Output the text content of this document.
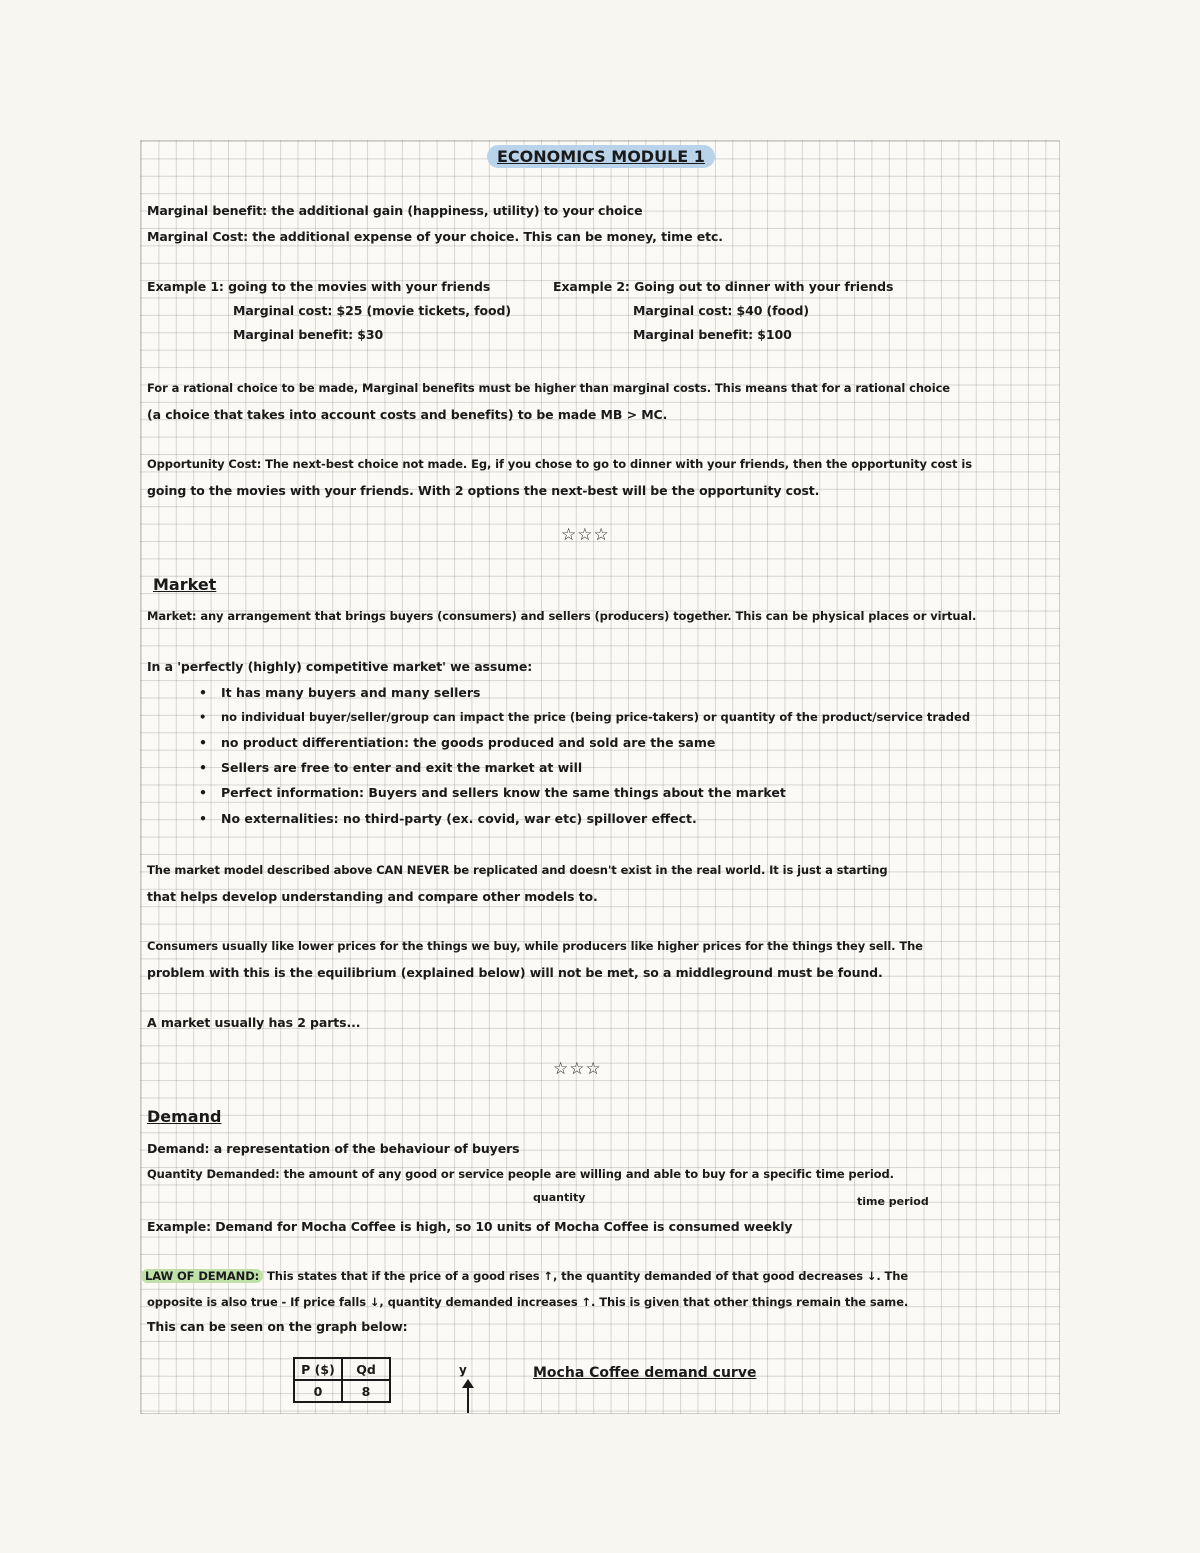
ECONOMICS MODULE 1
Marginal benefit: the additional gain (happiness, utility) to your choice
Marginal Cost: the additional expense of your choice. This can be money, time etc.
Example 1: going to the movies with your friends
Marginal cost: $25 (movie tickets, food)
Marginal benefit: $30
Example 2: Going out to dinner with your friends
Marginal cost: $40 (food)
Marginal benefit: $100
For a rational choice to be made, Marginal benefits must be higher than marginal costs. This means that for a rational choice
(a choice that takes into account costs and benefits) to be made MB > MC.
Opportunity Cost: The next-best choice not made. Eg, if you chose to go to dinner with your friends, then the opportunity cost is
going to the movies with your friends. With 2 options the next-best will be the opportunity cost.
☆☆☆
Market
Market: any arrangement that brings buyers (consumers) and sellers (producers) together. This can be physical places or virtual.
In a 'perfectly (highly) competitive market' we assume:
• It has many buyers and many sellers
• no individual buyer/seller/group can impact the price (being price-takers) or quantity of the product/service traded
• no product differentiation: the goods produced and sold are the same
• Sellers are free to enter and exit the market at will
• Perfect information: Buyers and sellers know the same things about the market
• No externalities: no third-party (ex. covid, war etc) spillover effect.
The market model described above CAN NEVER be replicated and doesn't exist in the real world. It is just a starting
that helps develop understanding and compare other models to.
Consumers usually like lower prices for the things we buy, while producers like higher prices for the things they sell. The
problem with this is the equilibrium (explained below) will not be met, so a middleground must be found.
A market usually has 2 parts...
☆☆☆
Demand
Demand: a representation of the behaviour of buyers
Quantity Demanded: the amount of any good or service people are willing and able to buy for a specific time period.
quantity	time period
Example: Demand for Mocha Coffee is high, so 10 units of Mocha Coffee is consumed weekly
LAW OF DEMAND: This states that if the price of a good rises ↑, the quantity demanded of that good decreases ↓. The
opposite is also true - If price falls ↓, quantity demanded increases ↑. This is given that other things remain the same.
This can be seen on the graph below:
P ($)	Qd
0	8
y	Mocha Coffee demand curve
